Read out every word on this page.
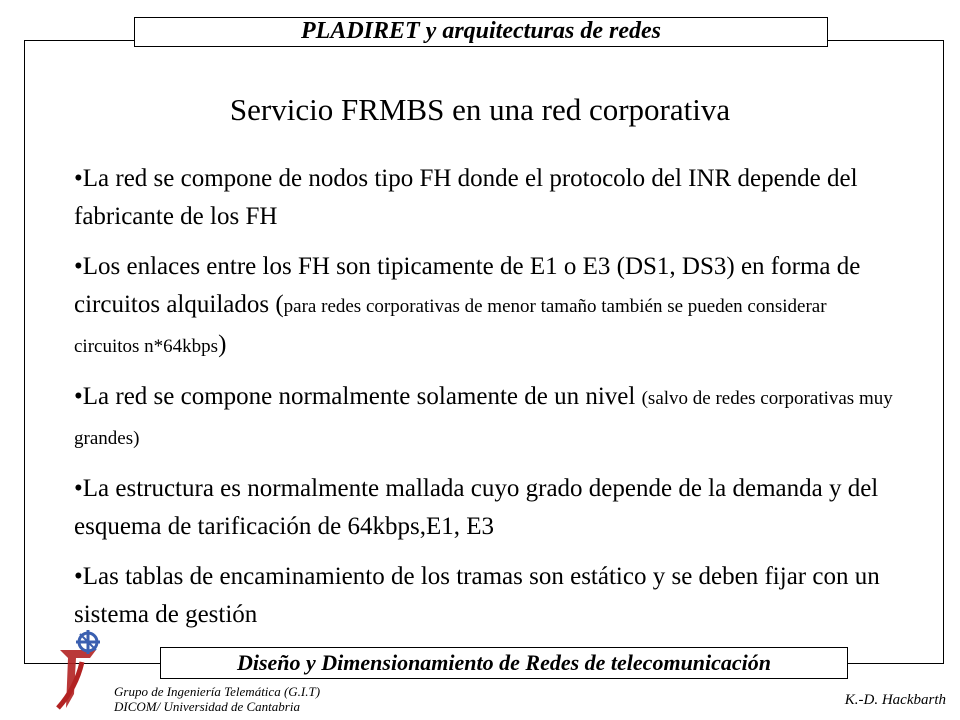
PLADIRET y arquitecturas de redes
Servicio FRMBS en una red corporativa
•La red se compone de nodos tipo FH donde el protocolo del INR depende del fabricante de los FH
•Los enlaces entre los FH son tipicamente de E1 o E3 (DS1, DS3) en forma de circuitos alquilados (para redes corporativas de menor tamaño también se pueden considerar circuitos n*64kbps)
•La red se compone normalmente solamente de un nivel (salvo de redes corporativas muy grandes)
•La estructura es normalmente mallada cuyo grado depende de la demanda y del esquema de tarificación de 64kbps,E1, E3
•Las tablas de encaminamiento de los tramas son estático y se deben fijar con un sistema de gestión
Diseño y Dimensionamiento de Redes de telecomunicación
Grupo de Ingeniería Telemática (G.I.T)
DICOM/ Universidad de Cantabria	K.-D. Hackbarth
